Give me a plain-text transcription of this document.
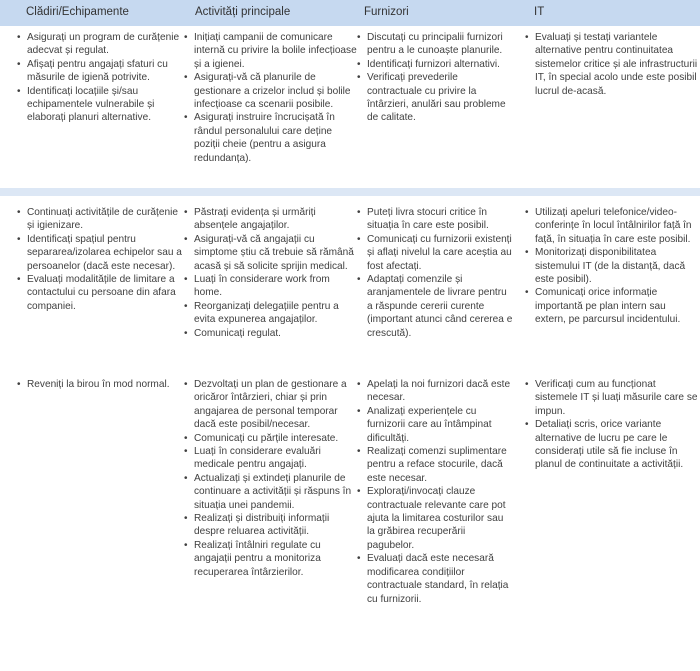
Clădiri/Echipamente	Activități principale	Furnizori	IT
• Asigurați un program de curățenie adecvat și regulat.
• Afișați pentru angajați sfaturi cu măsurile de igienă potrivite.
• Identificați locațiile și/sau echipamentele vulnerabile și elaborați planuri alternative.
• Inițiați campanii de comunicare internă cu privire la bolile infecțioase și a igienei.
• Asigurați-vă că planurile de gestionare a crizelor includ și bolile infecțioase ca scenarii posibile.
• Asigurați instruire încrucișată în rândul personalului care deține poziții cheie (pentru a asigura redundanța).
• Discutați cu principalii furnizori pentru a le cunoaște planurile.
• Identificați furnizori alternativi.
• Verificați prevederile contractuale cu privire la întârzieri, anulări sau probleme de calitate.
• Evaluați și testați variantele alternative pentru continuitatea sistemelor critice și ale infrastructurii IT, în special acolo unde este posibil lucrul de-acasă.
• Continuați activitățile de curățenie și igienizare.
• Identificați spațiul pentru separarea/izolarea echipelor sau a persoanelor (dacă este necesar).
• Evaluați modalitățile de limitare a contactului cu persoane din afara companiei.
• Păstrați evidența și urmăriți absențele angajaților.
• Asigurați-vă că angajații cu simptome știu că trebuie să rămână acasă și să solicite sprijin medical.
• Luați în considerare work from home.
• Reorganizați delegațiile pentru a evita expunerea angajaților.
• Comunicați regulat.
• Puteți livra stocuri critice în situația în care este posibil.
• Comunicați cu furnizorii existenți și aflați nivelul la care aceștia au fost afectați.
• Adaptați comenzile și aranjamentele de livrare pentru a răspunde cererii curente (important atunci când cererea e crescută).
• Utilizați apeluri telefonice/video-conferințe în locul întâlnirilor față în față, în situația în care este posibil.
• Monitorizați disponibilitatea sistemului IT (de la distanță, dacă este posibil).
• Comunicați orice informație importantă pe plan intern sau extern, pe parcursul incidentului.
• Reveniți la birou în mod normal.
•	Dezvoltați un plan de gestionare a oricăror întârzieri, chiar și prin angajarea de personal temporar dacă este posibil/necesar.
• Comunicați cu părțile interesate.
• Luați în considerare evaluări medicale pentru angajați.
• Actualizați și extindeți planurile de continuare a activității și răspuns în situația unei pandemii.
• Realizați și distribuiți informații despre reluarea activității.
• Realizați întâlniri regulate cu angajații pentru a monitoriza recuperarea întârzierilor.
• Apelați la noi furnizori dacă este necesar.
• Analizați experiențele cu furnizorii care au întâmpinat dificultăți.
• Realizați comenzi suplimentare pentru a reface stocurile, dacă este necesar.
• Explorați/invocați clauze contractuale relevante care pot ajuta la limitarea costurilor sau la grăbirea recuperării pagubelor.
• Evaluați dacă este necesară modificarea condițiilor contractuale standard, în relația cu furnizorii.
• Verificați cum au funcționat sistemele IT și luați măsurile care se impun.
• Detaliați scris, orice variante alternative de lucru pe care le considerați utile să fie incluse în planul de continuitate a activității.
